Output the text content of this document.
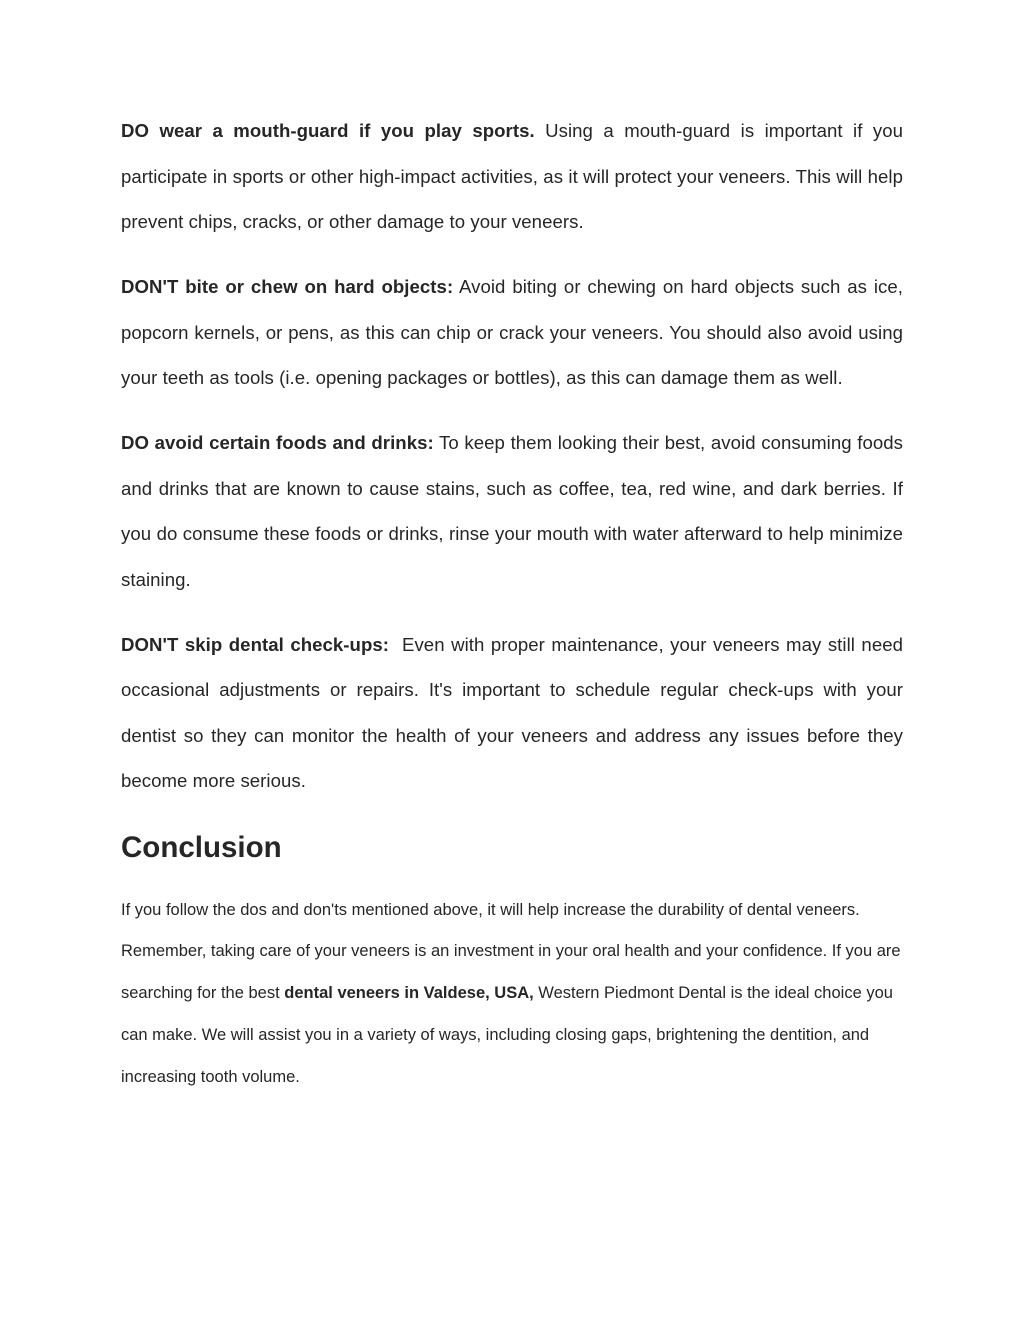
DO wear a mouth-guard if you play sports. Using a mouth-guard is important if you participate in sports or other high-impact activities, as it will protect your veneers. This will help prevent chips, cracks, or other damage to your veneers.

DON'T bite or chew on hard objects: Avoid biting or chewing on hard objects such as ice, popcorn kernels, or pens, as this can chip or crack your veneers. You should also avoid using your teeth as tools (i.e. opening packages or bottles), as this can damage them as well.

DO avoid certain foods and drinks: To keep them looking their best, avoid consuming foods and drinks that are known to cause stains, such as coffee, tea, red wine, and dark berries. If you do consume these foods or drinks, rinse your mouth with water afterward to help minimize staining.

DON'T skip dental check-ups:  Even with proper maintenance, your veneers may still need occasional adjustments or repairs. It's important to schedule regular check-ups with your dentist so they can monitor the health of your veneers and address any issues before they become more serious.

Conclusion

If you follow the dos and don'ts mentioned above, it will help increase the durability of dental veneers. Remember, taking care of your veneers is an investment in your oral health and your confidence. If you are searching for the best dental veneers in Valdese, USA, Western Piedmont Dental is the ideal choice you can make. We will assist you in a variety of ways, including closing gaps, brightening the dentition, and increasing tooth volume.
